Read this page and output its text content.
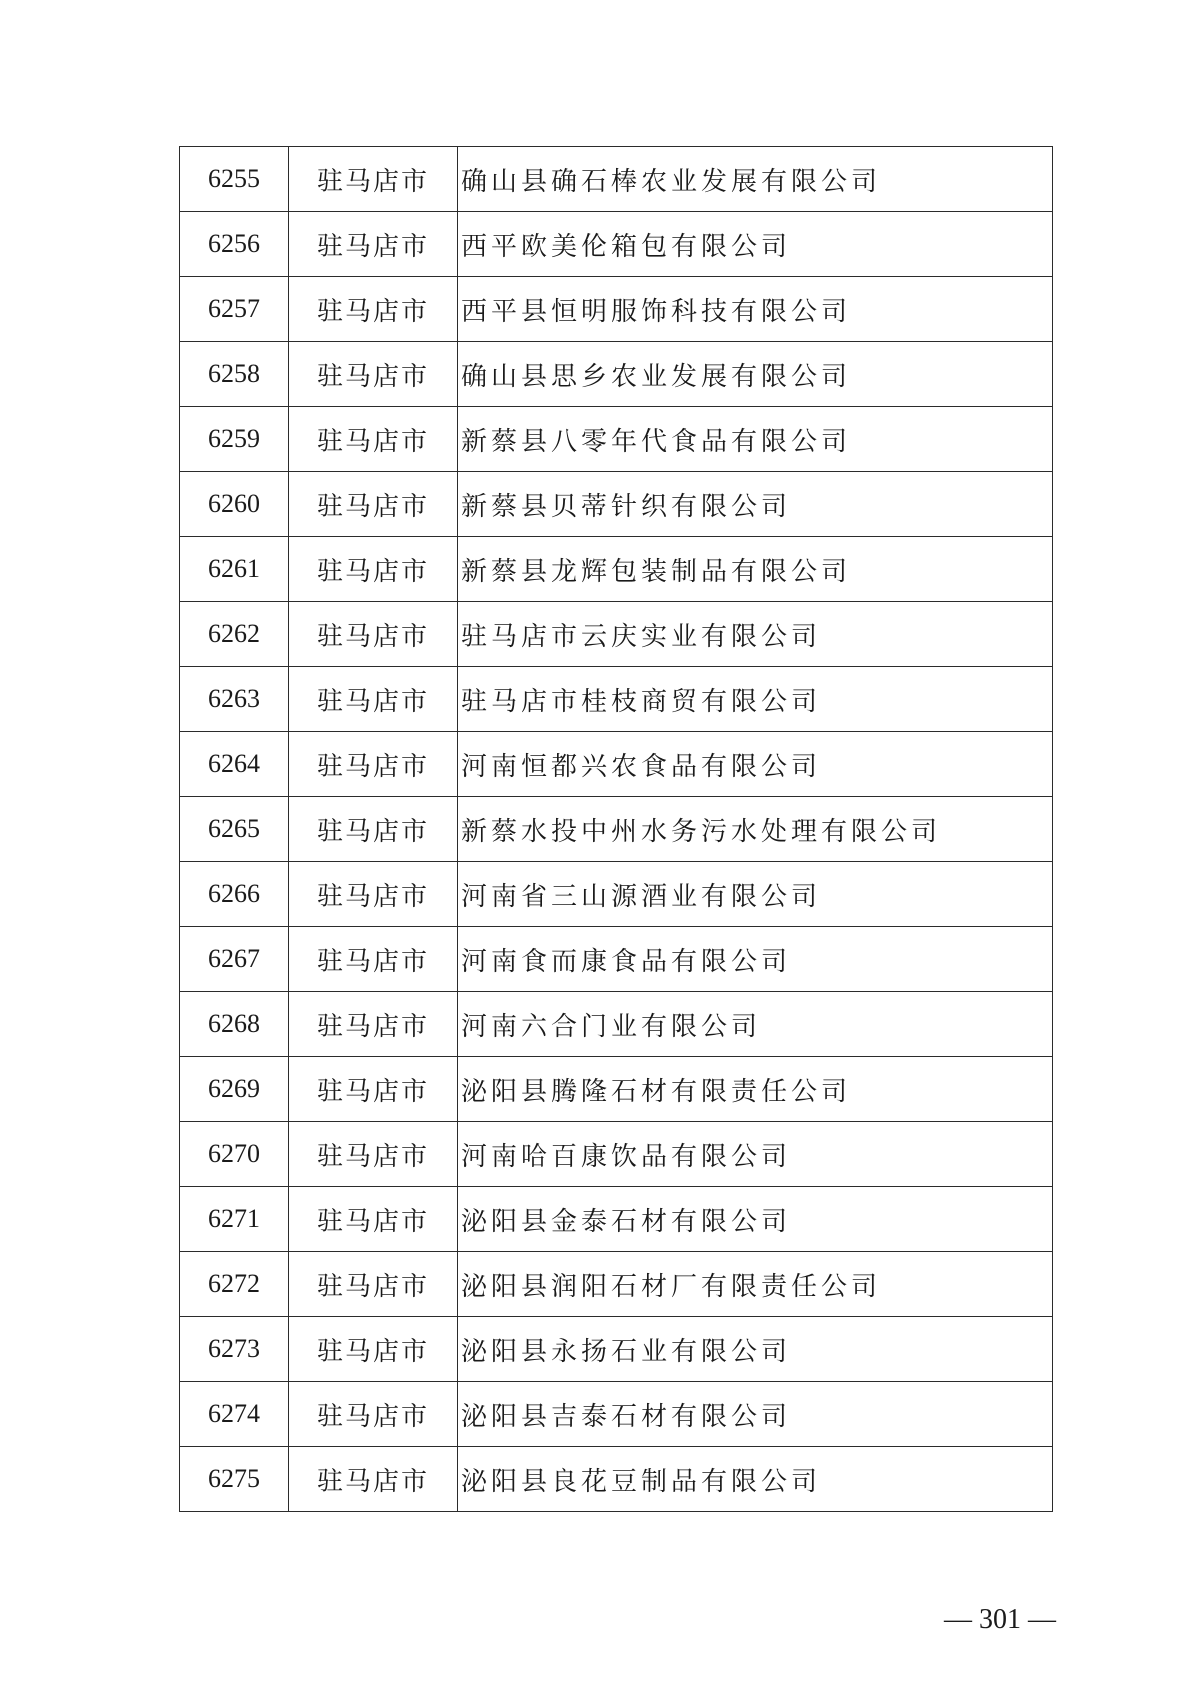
6255	驻马店市	确山县确石棒农业发展有限公司
6256	驻马店市	西平欧美伦箱包有限公司
6257	驻马店市	西平县恒明服饰科技有限公司
6258	驻马店市	确山县思乡农业发展有限公司
6259	驻马店市	新蔡县八零年代食品有限公司
6260	驻马店市	新蔡县贝蒂针织有限公司
6261	驻马店市	新蔡县龙辉包装制品有限公司
6262	驻马店市	驻马店市云庆实业有限公司
6263	驻马店市	驻马店市桂枝商贸有限公司
6264	驻马店市	河南恒都兴农食品有限公司
6265	驻马店市	新蔡水投中州水务污水处理有限公司
6266	驻马店市	河南省三山源酒业有限公司
6267	驻马店市	河南食而康食品有限公司
6268	驻马店市	河南六合门业有限公司
6269	驻马店市	泌阳县腾隆石材有限责任公司
6270	驻马店市	河南哈百康饮品有限公司
6271	驻马店市	泌阳县金泰石材有限公司
6272	驻马店市	泌阳县润阳石材厂有限责任公司
6273	驻马店市	泌阳县永扬石业有限公司
6274	驻马店市	泌阳县吉泰石材有限公司
6275	驻马店市	泌阳县良花豆制品有限公司
— 301 —
